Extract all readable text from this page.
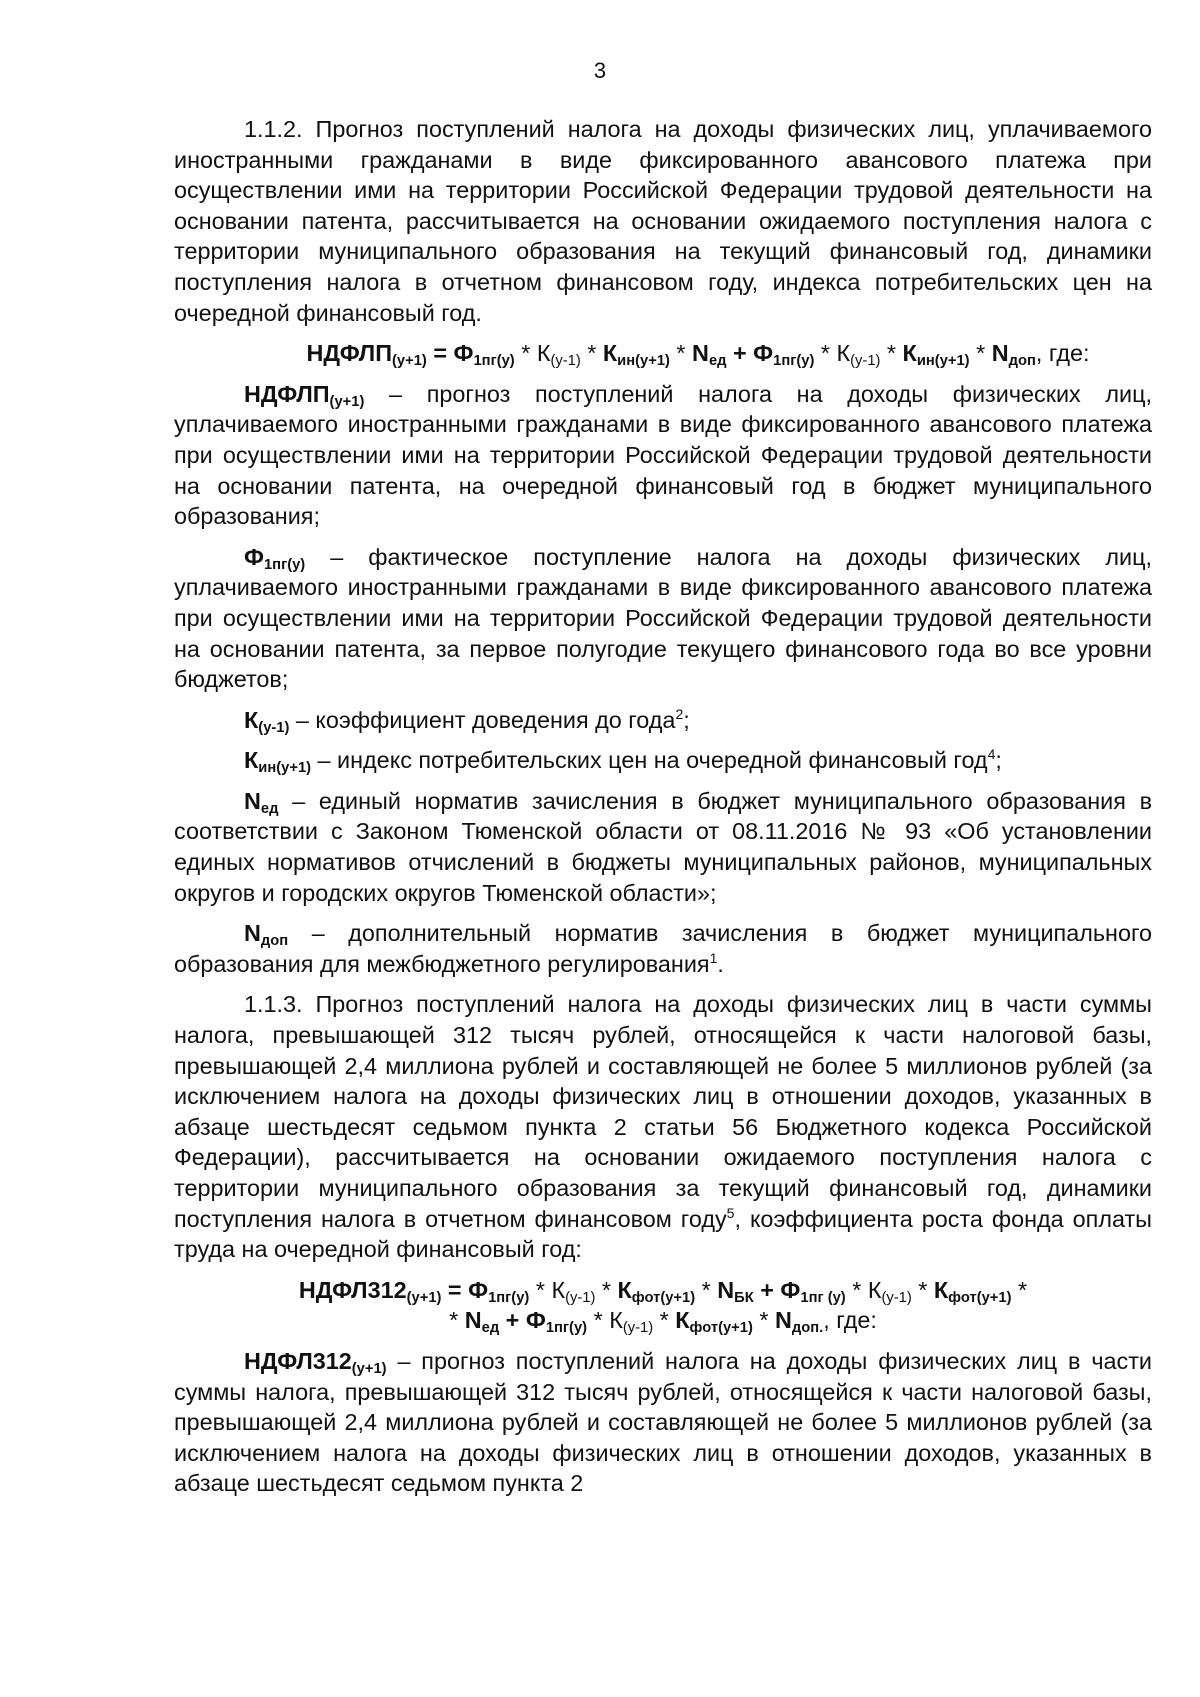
3

1.1.2. Прогноз поступлений налога на доходы физических лиц, уплачиваемого иностранными гражданами в виде фиксированного авансового платежа при осуществлении ими на территории Российской Федерации трудовой деятельности на основании патента, рассчитывается на основании ожидаемого поступления налога с территории муниципального образования на текущий финансовый год, динамики поступления налога в отчетном финансовом году, индекса потребительских цен на очередной финансовый год.

$НДФЛП_{(у+1)} = Ф_{1пг(у)} * К_{(у-1)} * К_{ин(у+1)} * N_{ед} + Ф_{1пг(у)} * К_{(у-1)} * К_{ин(у+1)} * N_{доп}$, где:

$НДФЛП_{(у+1)}$ – прогноз поступлений налога на доходы физических лиц, уплачиваемого иностранными гражданами в виде фиксированного авансового платежа при осуществлении ими на территории Российской Федерации трудовой деятельности на основании патента, на очередной финансовый год в бюджет муниципального образования;

$Ф_{1пг(у)}$ – фактическое поступление налога на доходы физических лиц, уплачиваемого иностранными гражданами в виде фиксированного авансового платежа при осуществлении ими на территории Российской Федерации трудовой деятельности на основании патента, за первое полугодие текущего финансового года во все уровни бюджетов;

$К_{(у-1)}$ – коэффициент доведения до года$^2$;

$К_{ин(у+1)}$ – индекс потребительских цен на очередной финансовый год$^4$;

$N_{ед}$ – единый норматив зачисления в бюджет муниципального образования в соответствии с Законом Тюменской области от 08.11.2016 № 93 «Об установлении единых нормативов отчислений в бюджеты муниципальных районов, муниципальных округов и городских округов Тюменской области»;

$N_{доп}$ – дополнительный норматив зачисления в бюджет муниципального образования для межбюджетного регулирования$^1$.

1.1.3. Прогноз поступлений налога на доходы физических лиц в части суммы налога, превышающей 312 тысяч рублей, относящейся к части налоговой базы, превышающей 2,4 миллиона рублей и составляющей не более 5 миллионов рублей (за исключением налога на доходы физических лиц в отношении доходов, указанных в абзаце шестьдесят седьмом пункта 2 статьи 56 Бюджетного кодекса Российской Федерации), рассчитывается на основании ожидаемого поступления налога с территории муниципального образования за текущий финансовый год, динамики поступления налога в отчетном финансовом году$^5$, коэффициента роста фонда оплаты труда на очередной финансовый год:

$НДФЛ312_{(у+1)} = Ф_{1пг(у)} * К_{(у-1)} * К_{фот(у+1)} * N_{БК} + Ф_{1пг (у)} * К_{(у-1)} * К_{фот(у+1)}$ *
* $N_{ед} + Ф_{1пг(у)} * К_{(у-1)} * К_{фот(у+1)} * N_{доп.}$, где:

$НДФЛ312_{(у+1)}$ – прогноз поступлений налога на доходы физических лиц в части суммы налога, превышающей 312 тысяч рублей, относящейся к части налоговой базы, превышающей 2,4 миллиона рублей и составляющей не более 5 миллионов рублей (за исключением налога на доходы физических лиц в отношении доходов, указанных в абзаце шестьдесят седьмом пункта 2
